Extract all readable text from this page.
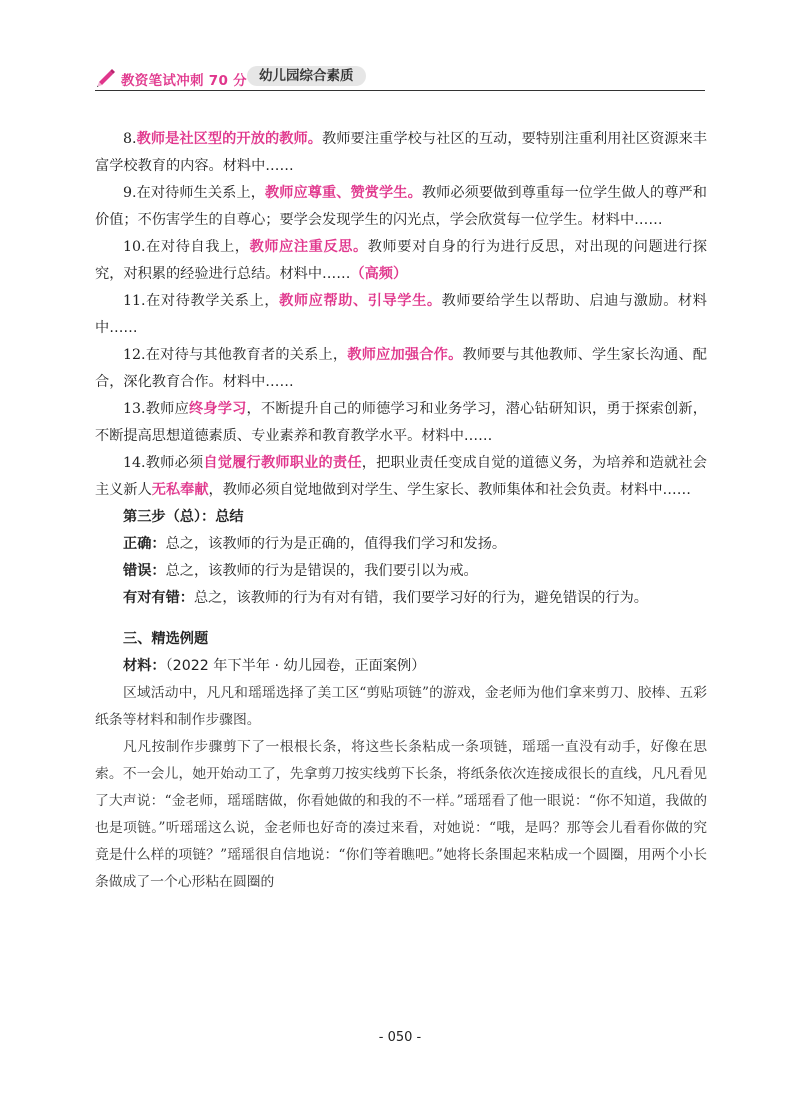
教资笔试冲刺 70 分 幼儿园综合素质

8.教师是社区型的开放的教师。教师要注重学校与社区的互动，要特别注重利用社区资源来丰富学校教育的内容。材料中……

9.在对待师生关系上，教师应尊重、赞赏学生。教师必须要做到尊重每一位学生做人的尊严和价值；不伤害学生的自尊心；要学会发现学生的闪光点，学会欣赏每一位学生。材料中……

10.在对待自我上，教师应注重反思。教师要对自身的行为进行反思，对出现的问题进行探究，对积累的经验进行总结。材料中……（高频）

11.在对待教学关系上，教师应帮助、引导学生。教师要给学生以帮助、启迪与激励。材料中……

12.在对待与其他教育者的关系上，教师应加强合作。教师要与其他教师、学生家长沟通、配合，深化教育合作。材料中……

13.教师应终身学习，不断提升自己的师德学习和业务学习，潜心钻研知识，勇于探索创新，不断提高思想道德素质、专业素养和教育教学水平。材料中……

14.教师必须自觉履行教师职业的责任，把职业责任变成自觉的道德义务，为培养和造就社会主义新人无私奉献，教师必须自觉地做到对学生、学生家长、教师集体和社会负责。材料中……

第三步（总）：总结

正确：总之，该教师的行为是正确的，值得我们学习和发扬。

错误：总之，该教师的行为是错误的，我们要引以为戒。

有对有错：总之，该教师的行为有对有错，我们要学习好的行为，避免错误的行为。

三、精选例题

材料：（2022 年下半年 · 幼儿园卷，正面案例）

区域活动中，凡凡和瑶瑶选择了美工区“剪贴项链”的游戏，金老师为他们拿来剪刀、胶棒、五彩纸条等材料和制作步骤图。

凡凡按制作步骤剪下了一根根长条，将这些长条粘成一条项链，瑶瑶一直没有动手，好像在思索。不一会儿，她开始动工了，先拿剪刀按实线剪下长条，将纸条依次连接成很长的直线，凡凡看见了大声说：“金老师，瑶瑶瞎做，你看她做的和我的不一样。”瑶瑶看了他一眼说：“你不知道，我做的也是项链。”听瑶瑶这么说，金老师也好奇的凑过来看，对她说：“哦，是吗？那等会儿看看你做的究竟是什么样的项链？”瑶瑶很自信地说：“你们等着瞧吧。”她将长条围起来粘成一个圆圈，用两个小长条做成了一个心形粘在圆圈的

- 050 -
